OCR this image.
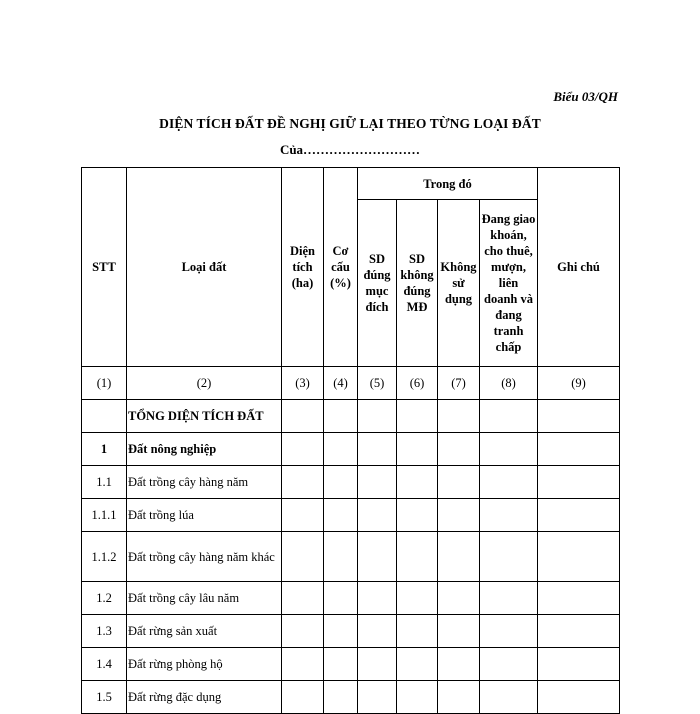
Biểu 03/QH
DIỆN TÍCH ĐẤT ĐỀ NGHỊ GIỮ LẠI THEO TỪNG LOẠI ĐẤT
Của………………………
STT	Loại đất	Diện tích (ha)	Cơ cấu (%)	Trong đó				Ghi chú
				SD đúng mục đích	SD không đúng MĐ	Không sử dụng	Đang giao khoán, cho thuê, mượn, liên doanh và đang tranh chấp	
(1)	(2)	(3)	(4)	(5)	(6)	(7)	(8)	(9)
	TỔNG DIỆN TÍCH ĐẤT							
1	Đất nông nghiệp							
1.1	Đất trồng cây hàng năm							
1.1.1	Đất trồng lúa							
1.1.2	Đất trồng cây hàng năm khác							
1.2	Đất trồng cây lâu năm							
1.3	Đất rừng sản xuất							
1.4	Đất rừng phòng hộ							
1.5	Đất rừng đặc dụng							
